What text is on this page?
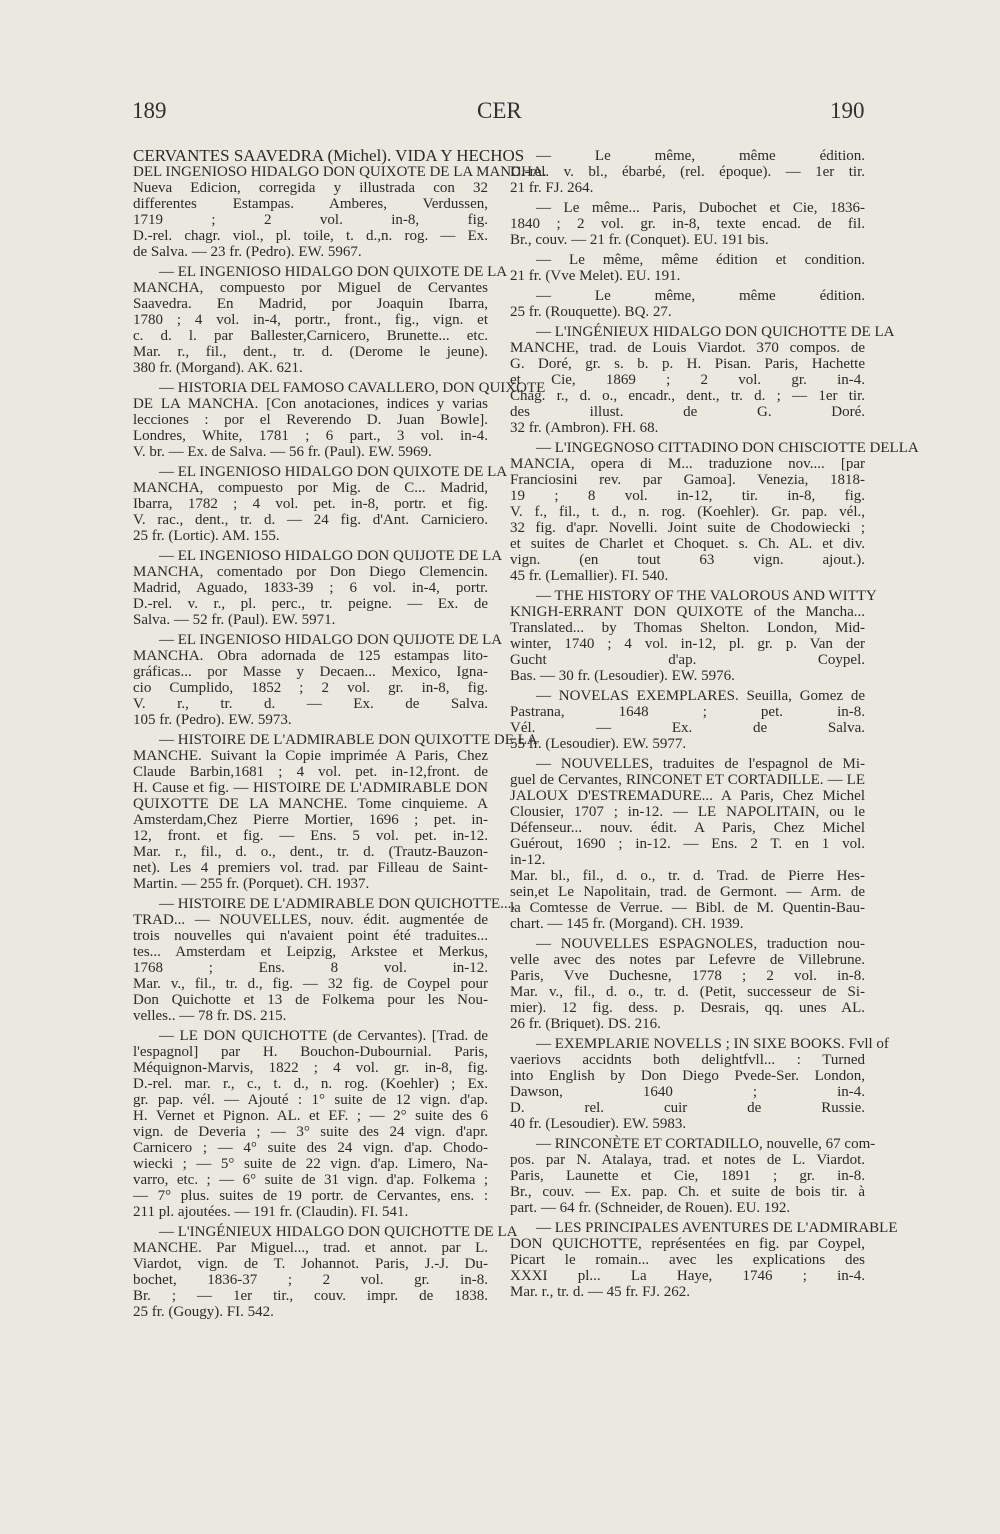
189	CER	190
CERVANTES SAAVEDRA (Michel). VIDA Y HECHOS
DEL INGENIOSO HIDALGO DON QUIXOTE DE LA MANCHA.
Nueva Edicion, corregida y illustrada con 32
differentes Estampas. Amberes, Verdussen,
1719 ; 2 vol. in-8, fig.
D.-rel. chagr. viol., pl. toile, t. d.,n. rog. — Ex.
de Salva. — 23 fr. (Pedro). EW. 5967.
— EL INGENIOSO HIDALGO DON QUIXOTE DE LA
MANCHA, compuesto por Miguel de Cervantes
Saavedra. En Madrid, por Joaquin Ibarra,
1780 ; 4 vol. in-4, portr., front., fig., vign. et
c. d. l. par Ballester,Carnicero, Brunette... etc.
Mar. r., fil., dent., tr. d. (Derome le jeune).
380 fr. (Morgand). AK. 621.
— HISTORIA DEL FAMOSO CAVALLERO, DON QUIXOTE
DE LA MANCHA. [Con anotaciones, indices y varias
lecciones : por el Reverendo D. Juan Bowle].
Londres, White, 1781 ; 6 part., 3 vol. in-4.
V. br. — Ex. de Salva. — 56 fr. (Paul). EW. 5969.
— EL INGENIOSO HIDALGO DON QUIXOTE DE LA
MANCHA, compuesto por Mig. de C... Madrid,
Ibarra, 1782 ; 4 vol. pet. in-8, portr. et fig.
V. rac., dent., tr. d. — 24 fig. d'Ant. Carniciero.
25 fr. (Lortic). AM. 155.
— EL INGENIOSO HIDALGO DON QUIJOTE DE LA
MANCHA, comentado por Don Diego Clemencin.
Madrid, Aguado, 1833-39 ; 6 vol. in-4, portr.
D.-rel. v. r., pl. perc., tr. peigne. — Ex. de
Salva. — 52 fr. (Paul). EW. 5971.
— EL INGENIOSO HIDALGO DON QUIJOTE DE LA
MANCHA. Obra adornada de 125 estampas lito-
gráficas... por Masse y Decaen... Mexico, Igna-
cio Cumplido, 1852 ; 2 vol. gr. in-8, fig.
V. r., tr. d. — Ex. de Salva.
105 fr. (Pedro). EW. 5973.
— HISTOIRE DE L'ADMIRABLE DON QUIXOTTE DE LA
MANCHE. Suivant la Copie imprimée A Paris, Chez
Claude Barbin,1681 ; 4 vol. pet. in-12,front. de
H. Cause et fig. — HISTOIRE DE L'ADMIRABLE DON
QUIXOTTE DE LA MANCHE. Tome cinquieme. A
Amsterdam,Chez Pierre Mortier, 1696 ; pet. in-
12, front. et fig. — Ens. 5 vol. pet. in-12.
Mar. r., fil., d. o., dent., tr. d. (Trautz-Bauzon-
net). Les 4 premiers vol. trad. par Filleau de Saint-
Martin. — 255 fr. (Porquet). CH. 1937.
— HISTOIRE DE L'ADMIRABLE DON QUICHOTTE...,
TRAD... — NOUVELLES, nouv. édit. augmentée de
trois nouvelles qui n'avaient point été traduites...
tes... Amsterdam et Leipzig, Arkstee et Merkus,
1768 ; Ens. 8 vol. in-12.
Mar. v., fil., tr. d., fig. — 32 fig. de Coypel pour
Don Quichotte et 13 de Folkema pour les Nou-
velles.. — 78 fr. DS. 215.
— LE DON QUICHOTTE (de Cervantes). [Trad. de
l'espagnol] par H. Bouchon-Dubournial. Paris,
Méquignon-Marvis, 1822 ; 4 vol. gr. in-8, fig.
D.-rel. mar. r., c., t. d., n. rog. (Koehler) ; Ex.
gr. pap. vél. — Ajouté : 1° suite de 12 vign. d'ap.
H. Vernet et Pignon. AL. et EF. ; — 2° suite des 6
vign. de Deveria ; — 3° suite des 24 vign. d'apr.
Carnicero ; — 4° suite des 24 vign. d'ap. Chodo-
wiecki ; — 5° suite de 22 vign. d'ap. Limero, Na-
varro, etc. ; — 6° suite de 31 vign. d'ap. Folkema ;
— 7° plus. suites de 19 portr. de Cervantes, ens. :
211 pl. ajoutées. — 191 fr. (Claudin). FI. 541.
— L'INGÉNIEUX HIDALGO DON QUICHOTTE DE LA
MANCHE. Par Miguel..., trad. et annot. par L.
Viardot, vign. de T. Johannot. Paris, J.-J. Du-
bochet, 1836-37 ; 2 vol. gr. in-8.
Br. ; — 1er tir., couv. impr. de 1838.
25 fr. (Gougy). FI. 542.
— Le même, même édition.
D.-rel. v. bl., ébarbé, (rel. époque). — 1er tir.
21 fr. FJ. 264.
— Le même... Paris, Dubochet et Cie, 1836-
1840 ; 2 vol. gr. in-8, texte encad. de fil.
Br., couv. — 21 fr. (Conquet). EU. 191 bis.
— Le même, même édition et condition.
21 fr. (Vve Melet). EU. 191.
— Le même, même édition.
25 fr. (Rouquette). BQ. 27.
— L'INGÉNIEUX HIDALGO DON QUICHOTTE DE LA
MANCHE, trad. de Louis Viardot. 370 compos. de
G. Doré, gr. s. b. p. H. Pisan. Paris, Hachette
et Cie, 1869 ; 2 vol. gr. in-4.
Chag. r., d. o., encadr., dent., tr. d. ; — 1er tir.
des illust. de G. Doré.
32 fr. (Ambron). FH. 68.
— L'INGEGNOSO CITTADINO DON CHISCIOTTE DELLA
MANCIA, opera di M... traduzione nov.... [par
Franciosini rev. par Gamoa]. Venezia, 1818-
19 ; 8 vol. in-12, tir. in-8, fig.
V. f., fil., t. d., n. rog. (Koehler). Gr. pap. vél.,
32 fig. d'apr. Novelli. Joint suite de Chodowiecki ;
et suites de Charlet et Choquet. s. Ch. AL. et div.
vign. (en tout 63 vign. ajout.).
45 fr. (Lemallier). FI. 540.
— THE HISTORY OF THE VALOROUS AND WITTY
KNIGH-ERRANT DON QUIXOTE of the Mancha...
Translated... by Thomas Shelton. London, Mid-
winter, 1740 ; 4 vol. in-12, pl. gr. p. Van der
Gucht d'ap. Coypel.
Bas. — 30 fr. (Lesoudier). EW. 5976.
— NOVELAS EXEMPLARES. Seuilla, Gomez de
Pastrana, 1648 ; pet. in-8.
Vél. — Ex. de Salva.
55 fr. (Lesoudier). EW. 5977.
— NOUVELLES, traduites de l'espagnol de Mi-
guel de Cervantes, RINCONET ET CORTADILLE. — LE
JALOUX D'ESTREMADURE... A Paris, Chez Michel
Clousier, 1707 ; in-12. — LE NAPOLITAIN, ou le
Défenseur... nouv. édit. A Paris, Chez Michel
Guérout, 1690 ; in-12. — Ens. 2 T. en 1 vol.
in-12.
Mar. bl., fil., d. o., tr. d. Trad. de Pierre Hes-
sein,et Le Napolitain, trad. de Germont. — Arm. de
la Comtesse de Verrue. — Bibl. de M. Quentin-Bau-
chart. — 145 fr. (Morgand). CH. 1939.
— NOUVELLES ESPAGNOLES, traduction nou-
velle avec des notes par Lefevre de Villebrune.
Paris, Vve Duchesne, 1778 ; 2 vol. in-8.
Mar. v., fil., d. o., tr. d. (Petit, successeur de Si-
mier). 12 fig. dess. p. Desrais, qq. unes AL.
26 fr. (Briquet). DS. 216.
— EXEMPLARIE NOVELLS ; IN SIXE BOOKS. Fvll of
vaeriovs accidnts both delightfvll... : Turned
into English by Don Diego Pvede-Ser. London,
Dawson, 1640 ; in-4.
D. rel. cuir de Russie.
40 fr. (Lesoudier). EW. 5983.
— RINCONÈTE ET CORTADILLO, nouvelle, 67 com-
pos. par N. Atalaya, trad. et notes de L. Viardot.
Paris, Launette et Cie, 1891 ; gr. in-8.
Br., couv. — Ex. pap. Ch. et suite de bois tir. à
part. — 64 fr. (Schneider, de Rouen). EU. 192.
— LES PRINCIPALES AVENTURES DE L'ADMIRABLE
DON QUICHOTTE, représentées en fig. par Coypel,
Picart le romain... avec les explications des
XXXI pl... La Haye, 1746 ; in-4.
Mar. r., tr. d. — 45 fr. FJ. 262.
